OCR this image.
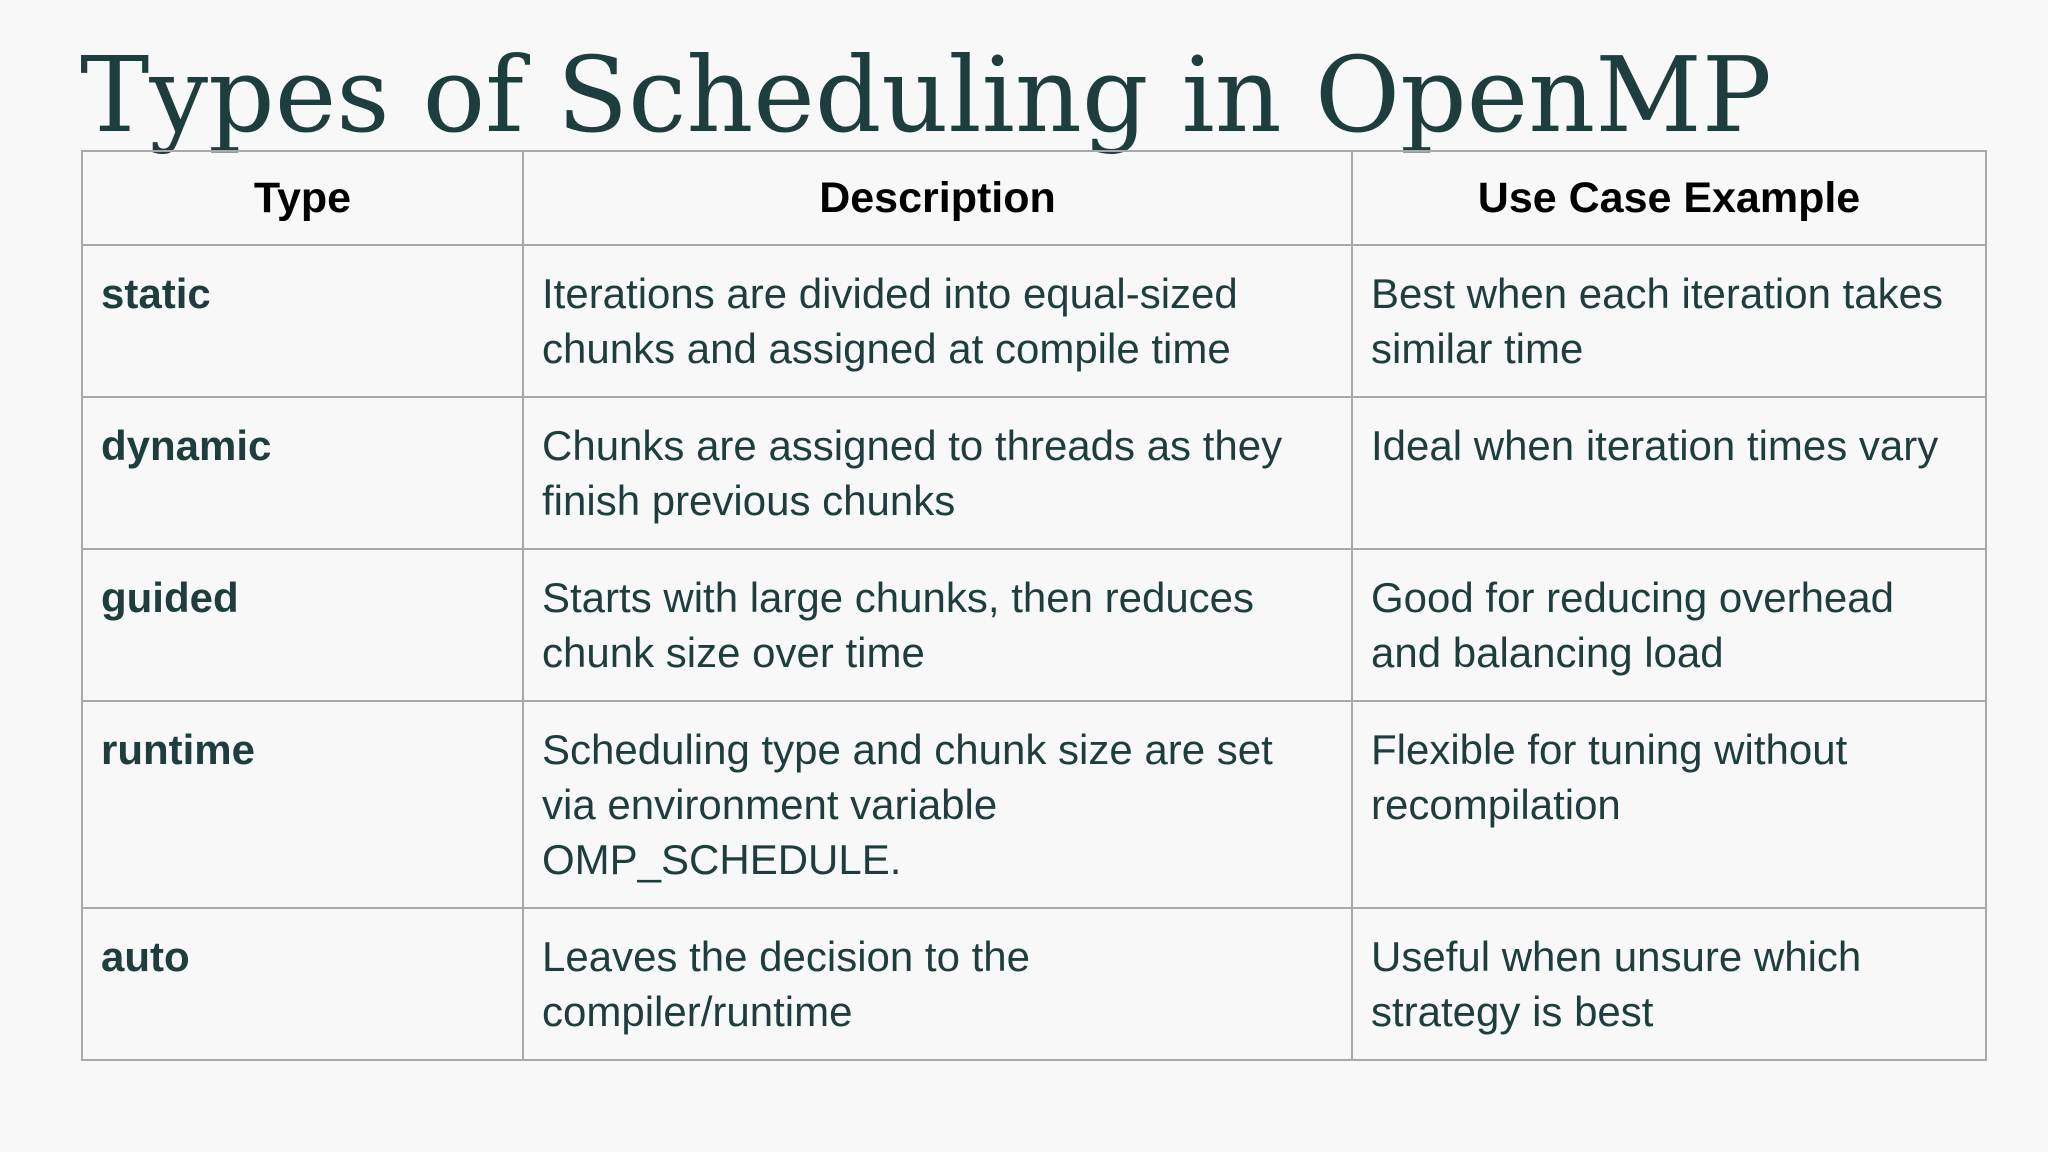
Types of Scheduling in OpenMP
Type	Description	Use Case Example
static	Iterations are divided into equal-sized chunks and assigned at compile time	Best when each iteration takes similar time
dynamic	Chunks are assigned to threads as they finish previous chunks	Ideal when iteration times vary
guided	Starts with large chunks, then reduces chunk size over time	Good for reducing overhead and balancing load
runtime	Scheduling type and chunk size are set via environment variable OMP_SCHEDULE.	Flexible for tuning without recompilation
auto	Leaves the decision to the compiler/runtime	Useful when unsure which strategy is best
